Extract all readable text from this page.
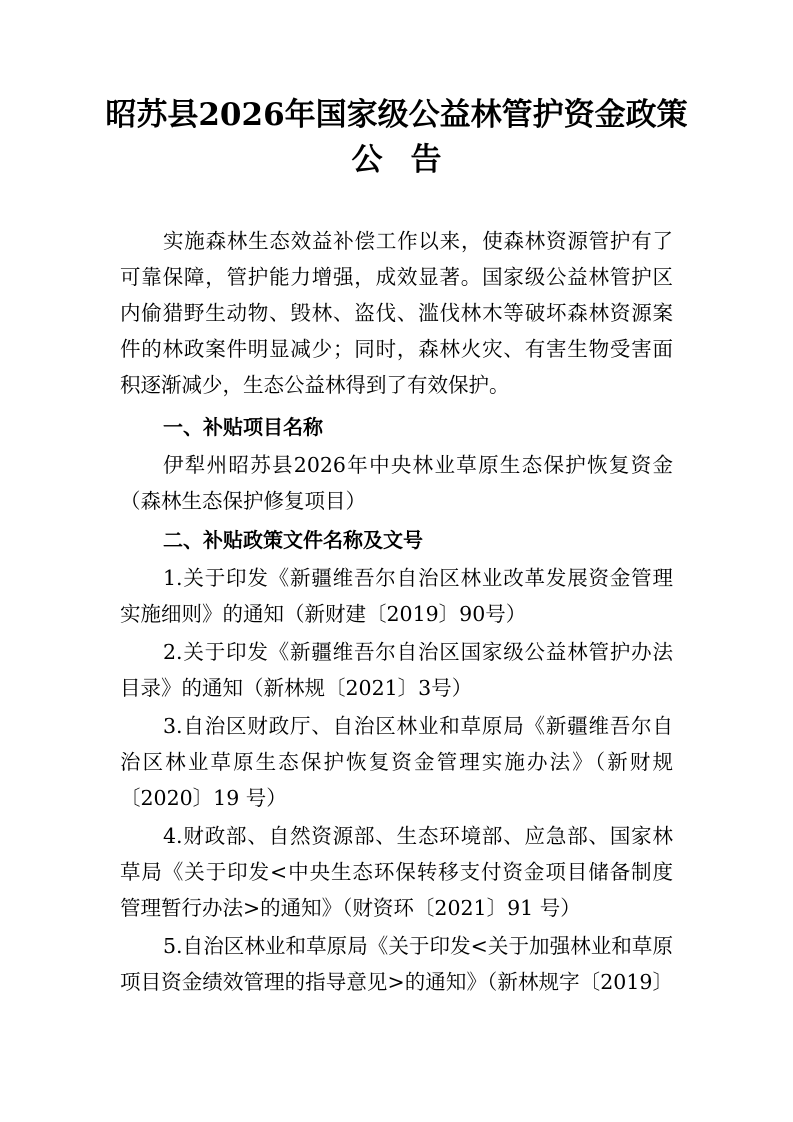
昭苏县2026年国家级公益林管护资金政策
公告
实施森林生态效益补偿工作以来，使森林资源管护有了
可靠保障，管护能力增强，成效显著。国家级公益林管护区
内偷猎野生动物、毁林、盗伐、滥伐林木等破坏森林资源案
件的林政案件明显减少；同时，森林火灾、有害生物受害面
积逐渐减少，生态公益林得到了有效保护。
一、补贴项目名称
伊犁州昭苏县2026年中央林业草原生态保护恢复资金
（森林生态保护修复项目）
二、补贴政策文件名称及文号
1.关于印发《新疆维吾尔自治区林业改革发展资金管理
实施细则》的通知（新财建〔2019〕90号）
2.关于印发《新疆维吾尔自治区国家级公益林管护办法
目录》的通知（新林规〔2021〕3号）
3.自治区财政厅、自治区林业和草原局《新疆维吾尔自
治区林业草原生态保护恢复资金管理实施办法》（新财规
〔2020〕19 号）
4.财政部、自然资源部、生态环境部、应急部、国家林
草局《关于印发<中央生态环保转移支付资金项目储备制度
管理暂行办法>的通知》（财资环〔2021〕91 号）
5.自治区林业和草原局《关于印发<关于加强林业和草原
项目资金绩效管理的指导意见>的通知》（新林规字〔2019〕
